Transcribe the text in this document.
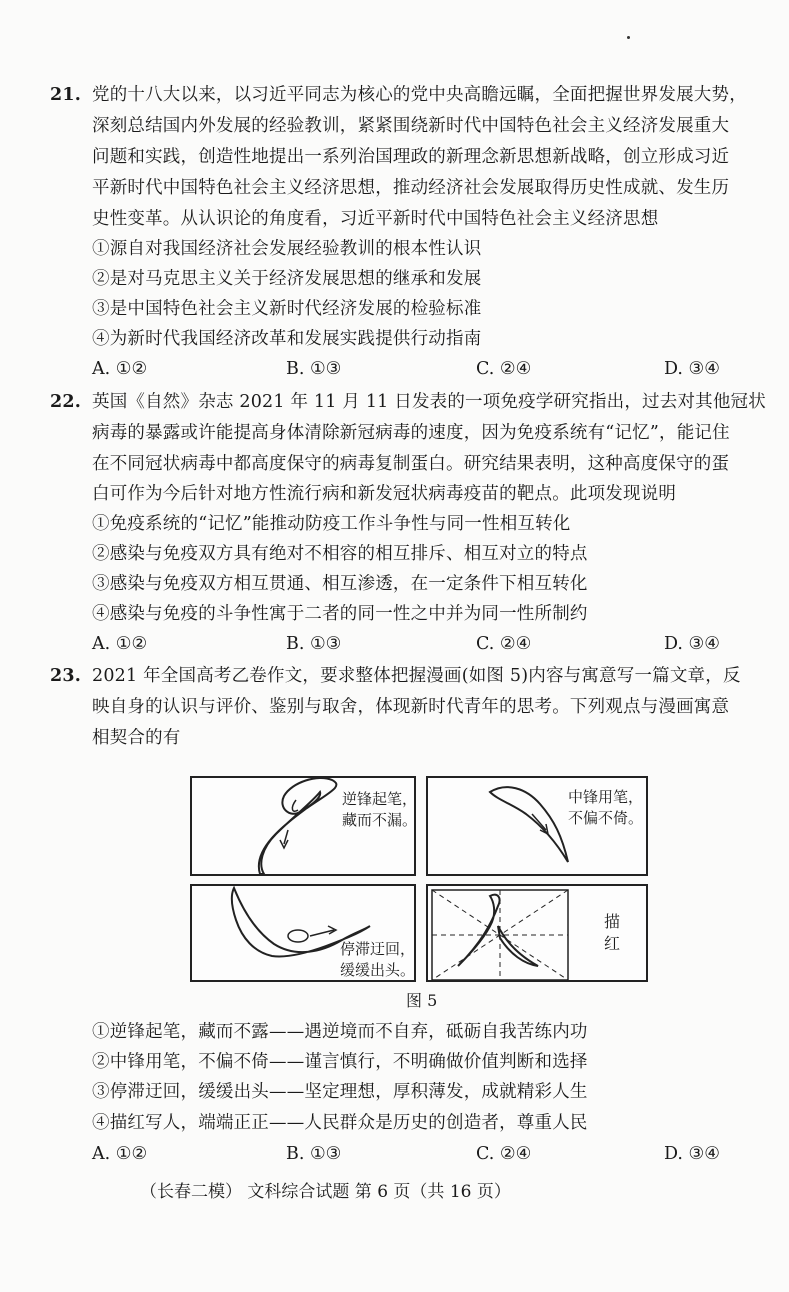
21. 党的十八大以来，以习近平同志为核心的党中央高瞻远瞩，全面把握世界发展大势，
深刻总结国内外发展的经验教训，紧紧围绕新时代中国特色社会主义经济发展重大
问题和实践，创造性地提出一系列治国理政的新理念新思想新战略，创立形成习近
平新时代中国特色社会主义经济思想，推动经济社会发展取得历史性成就、发生历
史性变革。从认识论的角度看，习近平新时代中国特色社会主义经济思想
①源自对我国经济社会发展经验教训的根本性认识
②是对马克思主义关于经济发展思想的继承和发展
③是中国特色社会主义新时代经济发展的检验标准
④为新时代我国经济改革和发展实践提供行动指南
A. ①②	B. ①③	C. ②④	D. ③④
22. 英国《自然》杂志 2021 年 11 月 11 日发表的一项免疫学研究指出，过去对其他冠状
病毒的暴露或许能提高身体清除新冠病毒的速度，因为免疫系统有“记忆”，能记住
在不同冠状病毒中都高度保守的病毒复制蛋白。研究结果表明，这种高度保守的蛋
白可作为今后针对地方性流行病和新发冠状病毒疫苗的靶点。此项发现说明
①免疫系统的“记忆”能推动防疫工作斗争性与同一性相互转化
②感染与免疫双方具有绝对不相容的相互排斥、相互对立的特点
③感染与免疫双方相互贯通、相互渗透，在一定条件下相互转化
④感染与免疫的斗争性寓于二者的同一性之中并为同一性所制约
A. ①②	B. ①③	C. ②④	D. ③④
23. 2021 年全国高考乙卷作文，要求整体把握漫画(如图 5)内容与寓意写一篇文章，反
映自身的认识与评价、鉴别与取舍，体现新时代青年的思考。下列观点与漫画寓意
相契合的有
逆锋起笔，
藏而不漏。
中锋用笔，
不偏不倚。
停滞迂回，
缓缓出头。
描
红
图 5
①逆锋起笔，藏而不露——遇逆境而不自弃，砥砺自我苦练内功
②中锋用笔，不偏不倚——谨言慎行，不明确做价值判断和选择
③停滞迂回，缓缓出头——坚定理想，厚积薄发，成就精彩人生
④描红写人，端端正正——人民群众是历史的创造者，尊重人民
A. ①②	B. ①③	C. ②④	D. ③④
（长春二模） 文科综合试题 第 6 页（共 16 页）
